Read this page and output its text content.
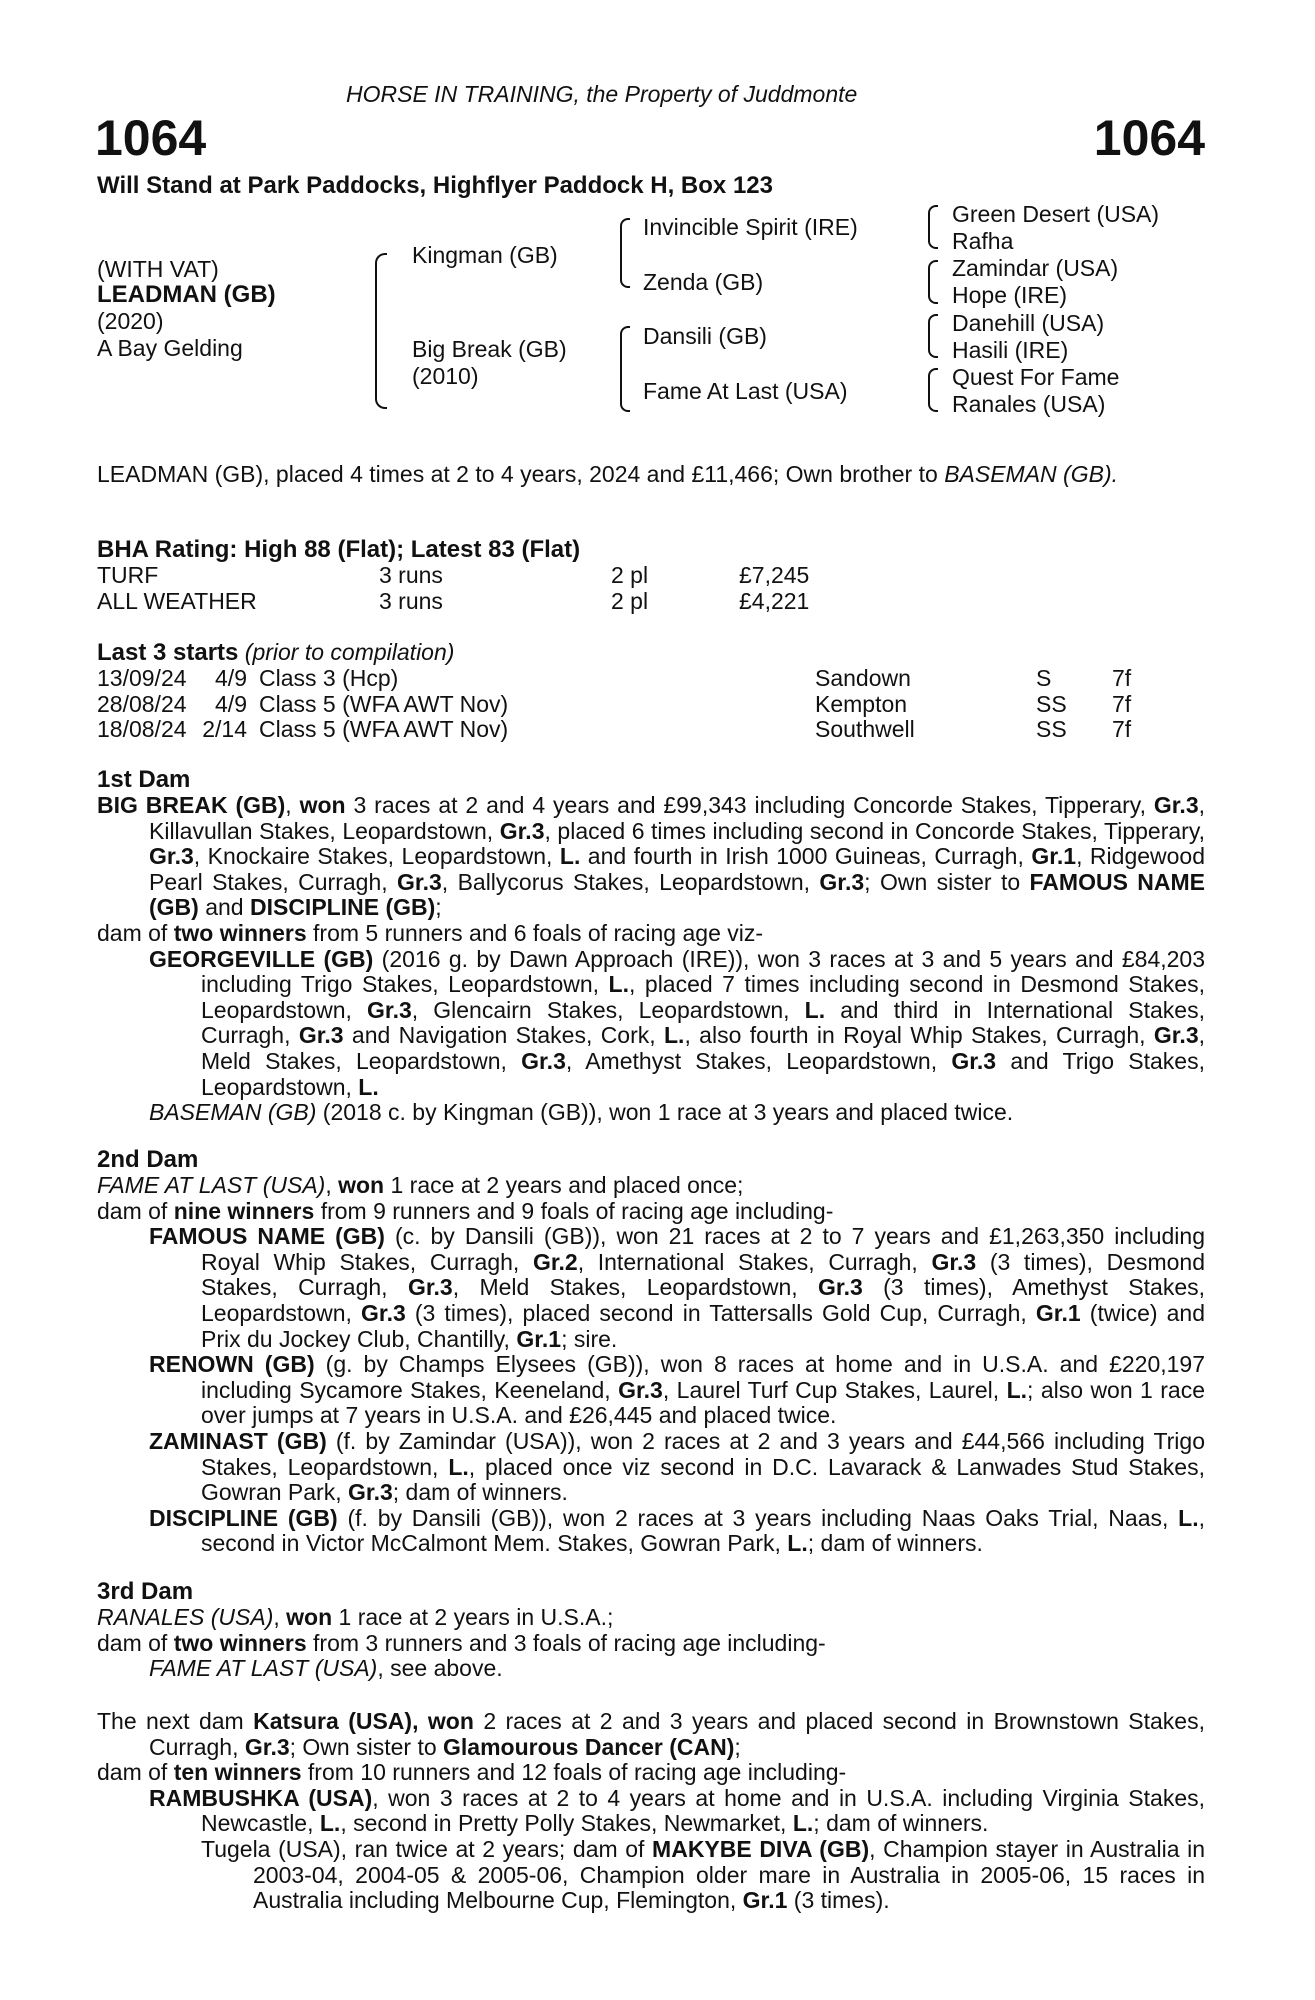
HORSE IN TRAINING, the Property of Juddmonte
1064	1064
Will Stand at Park Paddocks, Highflyer Paddock H, Box 123
(WITH VAT)
LEADMAN (GB)
(2020)
A Bay Gelding
Kingman (GB)
Big Break (GB)
(2010)
Invincible Spirit (IRE)
Zenda (GB)
Dansili (GB)
Fame At Last (USA)
Green Desert (USA)
Rafha
Zamindar (USA)
Hope (IRE)
Danehill (USA)
Hasili (IRE)
Quest For Fame
Ranales (USA)

LEADMAN (GB), placed 4 times at 2 to 4 years, 2024 and £11,466; Own brother to BASEMAN (GB).

BHA Rating: High 88 (Flat); Latest 83 (Flat)
TURF	3 runs	2 pl	£7,245
ALL WEATHER	3 runs	2 pl	£4,221
Last 3 starts (prior to compilation)
13/09/24	4/9	Class 3 (Hcp)	Sandown	S	7f
28/08/24	4/9	Class 5 (WFA AWT Nov)	Kempton	SS	7f
18/08/24	2/14	Class 5 (WFA AWT Nov)	Southwell	SS	7f
1st Dam

BIG BREAK (GB), won 3 races at 2 and 4 years and £99,343 including Concorde Stakes, Tipperary, Gr.3, Killavullan Stakes, Leopardstown, Gr.3, placed 6 times including second in Concorde Stakes, Tipperary, Gr.3, Knockaire Stakes, Leopardstown, L. and fourth in Irish 1000 Guineas, Curragh, Gr.1, Ridgewood Pearl Stakes, Curragh, Gr.3, Ballycorus Stakes, Leopardstown, Gr.3; Own sister to FAMOUS NAME (GB) and DISCIPLINE (GB);

dam of two winners from 5 runners and 6 foals of racing age viz-

GEORGEVILLE (GB) (2016 g. by Dawn Approach (IRE)), won 3 races at 3 and 5 years and £84,203 including Trigo Stakes, Leopardstown, L., placed 7 times including second in Desmond Stakes, Leopardstown, Gr.3, Glencairn Stakes, Leopardstown, L. and third in International Stakes, Curragh, Gr.3 and Navigation Stakes, Cork, L., also fourth in Royal Whip Stakes, Curragh, Gr.3, Meld Stakes, Leopardstown, Gr.3, Amethyst Stakes, Leopardstown, Gr.3 and Trigo Stakes, Leopardstown, L.

BASEMAN (GB) (2018 c. by Kingman (GB)), won 1 race at 3 years and placed twice.

2nd Dam

FAME AT LAST (USA), won 1 race at 2 years and placed once;

dam of nine winners from 9 runners and 9 foals of racing age including-

FAMOUS NAME (GB) (c. by Dansili (GB)), won 21 races at 2 to 7 years and £1,263,350 including Royal Whip Stakes, Curragh, Gr.2, International Stakes, Curragh, Gr.3 (3 times), Desmond Stakes, Curragh, Gr.3, Meld Stakes, Leopardstown, Gr.3 (3 times), Amethyst Stakes, Leopardstown, Gr.3 (3 times), placed second in Tattersalls Gold Cup, Curragh, Gr.1 (twice) and Prix du Jockey Club, Chantilly, Gr.1; sire.

RENOWN (GB) (g. by Champs Elysees (GB)), won 8 races at home and in U.S.A. and £220,197 including Sycamore Stakes, Keeneland, Gr.3, Laurel Turf Cup Stakes, Laurel, L.; also won 1 race over jumps at 7 years in U.S.A. and £26,445 and placed twice.

ZAMINAST (GB) (f. by Zamindar (USA)), won 2 races at 2 and 3 years and £44,566 including Trigo Stakes, Leopardstown, L., placed once viz second in D.C. Lavarack & Lanwades Stud Stakes, Gowran Park, Gr.3; dam of winners.

DISCIPLINE (GB) (f. by Dansili (GB)), won 2 races at 3 years including Naas Oaks Trial, Naas, L., second in Victor McCalmont Mem. Stakes, Gowran Park, L.; dam of winners.

3rd Dam

RANALES (USA), won 1 race at 2 years in U.S.A.;

dam of two winners from 3 runners and 3 foals of racing age including-

FAME AT LAST (USA), see above.

The next dam Katsura (USA), won 2 races at 2 and 3 years and placed second in Brownstown Stakes, Curragh, Gr.3; Own sister to Glamourous Dancer (CAN);

dam of ten winners from 10 runners and 12 foals of racing age including-

RAMBUSHKA (USA), won 3 races at 2 to 4 years at home and in U.S.A. including Virginia Stakes, Newcastle, L., second in Pretty Polly Stakes, Newmarket, L.; dam of winners.

Tugela (USA), ran twice at 2 years; dam of MAKYBE DIVA (GB), Champion stayer in Australia in 2003-04, 2004-05 & 2005-06, Champion older mare in Australia in 2005-06, 15 races in Australia including Melbourne Cup, Flemington, Gr.1 (3 times).
